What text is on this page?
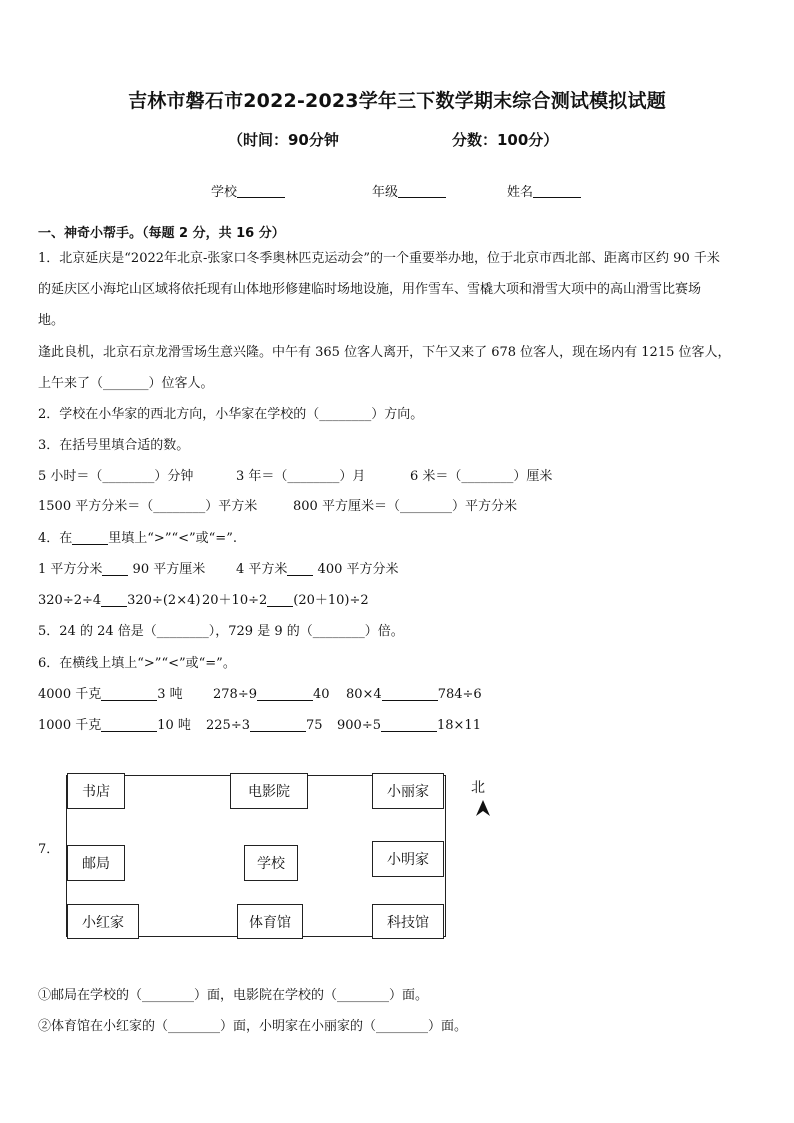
吉林市磐石市2022-2023学年三下数学期末综合测试模拟试题
（时间：90分钟	分数：100分）
学校	年级	姓名
一、神奇小帮手。（每题 2 分，共 16 分）
1．北京延庆是“2022年北京-张家口冬季奥林匹克运动会”的一个重要举办地，位于北京市西北部、距离市区约 90 千米
的延庆区小海坨山区域将依托现有山体地形修建临时场地设施，用作雪车、雪橇大项和滑雪大项中的高山滑雪比赛场
地。
逢此良机，北京石京龙滑雪场生意兴隆。中午有 365 位客人离开，下午又来了 678 位客人，现在场内有 1215 位客人，
上午来了（_______）位客人。
2．学校在小华家的西北方向，小华家在学校的（________）方向。
3．在括号里填合适的数。
5 小时＝（________）分钟	3 年＝（________）月	6 米＝（________）厘米
1500 平方分米＝（________）平方米	800 平方厘米＝（________）平方分米
4．在	里填上“>”“<”或“=”.
1 平方分米 90 平方厘米 4 平方米 400 平方分米
320÷2÷4 320÷(2×4) 20＋10÷2 (20＋10)÷2
5．24 的 24 倍是（________），729 是 9 的（________）倍。
6．在横线上填上“>”“<”或“=”。
4000 千克	3 吨 278÷9	40 80×4	784÷6
1000 千克	10 吨 225÷3	75 900÷5	18×11
7．
书店	电影院	小丽家
邮局	学校	小明家
小红家	体育馆	科技馆
北
①邮局在学校的（________）面，电影院在学校的（________）面。
②体育馆在小红家的（________）面，小明家在小丽家的（________）面。
